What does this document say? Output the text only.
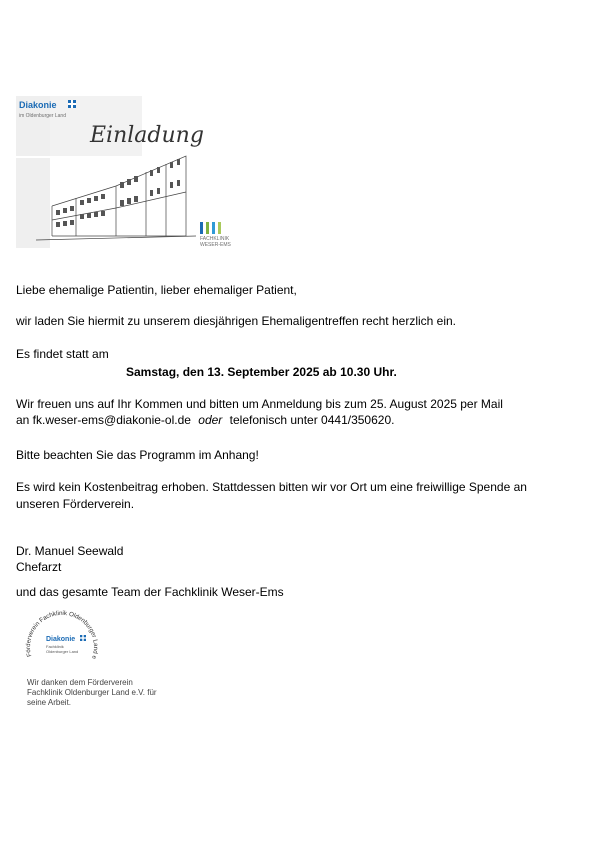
Diakonie
im Oldenburger Land
Einladung
FACHKLINIK
WESER-EMS
Liebe ehemalige Patientin, lieber ehemaliger Patient,
wir laden Sie hiermit zu unserem diesjährigen Ehemaligentreffen recht herzlich ein.
Es findet statt am
Samstag, den 13. September 2025 ab 10.30 Uhr.
Wir freuen uns auf Ihr Kommen und bitten um Anmeldung bis zum 25. August 2025 per Mail
an fk.weser-ems@diakonie-ol.de oder telefonisch unter 0441/350620.
Bitte beachten Sie das Programm im Anhang!
Es wird kein Kostenbeitrag erhoben. Stattdessen bitten wir vor Ort um eine freiwillige Spende an
unseren Förderverein.
Dr. Manuel Seewald
Chefarzt
und das gesamte Team der Fachklinik Weser-Ems
Förderverein Fachklinik Oldenburger Land e
Diakonie
Fachklinik
Oldenburger Land
Wir danken dem Förderverein
Fachklinik Oldenburger Land e.V. für
seine Arbeit.
